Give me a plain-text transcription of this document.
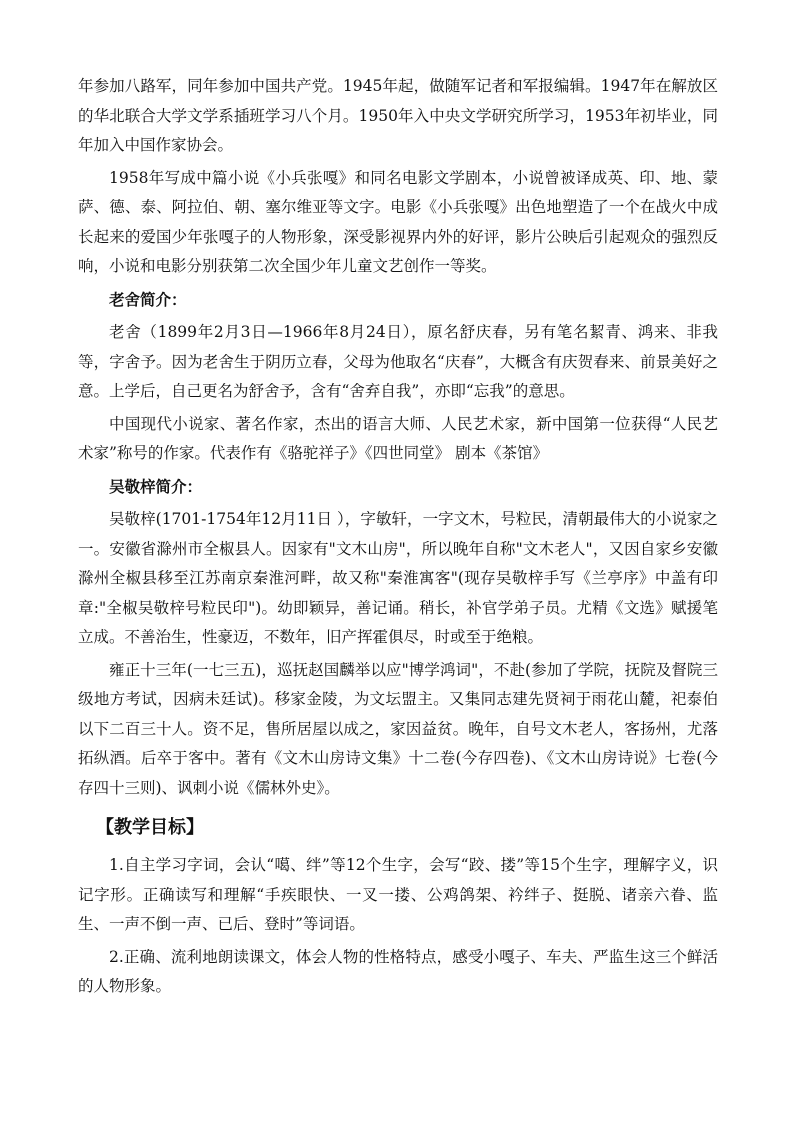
年参加八路军，同年参加中国共产党。1945年起，做随军记者和军报编辑。1947年在解放区的华北联合大学文学系插班学习八个月。1950年入中央文学研究所学习，1953年初毕业，同年加入中国作家协会。

1958年写成中篇小说《小兵张嘎》和同名电影文学剧本，小说曾被译成英、印、地、蒙萨、德、泰、阿拉伯、朝、塞尔维亚等文字。电影《小兵张嘎》出色地塑造了一个在战火中成长起来的爱国少年张嘎子的人物形象，深受影视界内外的好评，影片公映后引起观众的强烈反响，小说和电影分别获第二次全国少年儿童文艺创作一等奖。

老舍简介：

老舍（1899年2月3日—1966年8月24日），原名舒庆春，另有笔名絜青、鸿来、非我等，字舍予。因为老舍生于阴历立春，父母为他取名“庆春”，大概含有庆贺春来、前景美好之意。上学后，自己更名为舒舍予，含有“舍弃自我”，亦即“忘我”的意思。

中国现代小说家、著名作家，杰出的语言大师、人民艺术家，新中国第一位获得“人民艺术家”称号的作家。代表作有《骆驼祥子》《四世同堂》 剧本《茶馆》

吴敬梓简介：

吴敬梓(1701-1754年12月11日 ），字敏轩，一字文木，号粒民，清朝最伟大的小说家之一。安徽省滁州市全椒县人。因家有"文木山房"，所以晚年自称"文木老人"，又因自家乡安徽滁州全椒县移至江苏南京秦淮河畔，故又称"秦淮寓客"(现存吴敬梓手写《兰亭序》中盖有印章:"全椒吴敬梓号粒民印")。幼即颖异，善记诵。稍长，补官学弟子员。尤精《文选》赋援笔立成。不善治生，性豪迈，不数年，旧产挥霍俱尽，时或至于绝粮。

雍正十三年(一七三五)，巡抚赵国麟举以应"博学鸿词"，不赴(参加了学院，抚院及督院三级地方考试，因病未廷试)。移家金陵，为文坛盟主。又集同志建先贤祠于雨花山麓，祀泰伯以下二百三十人。资不足，售所居屋以成之，家因益贫。晚年，自号文木老人，客扬州，尤落拓纵酒。后卒于客中。著有《文木山房诗文集》十二卷(今存四卷)、《文木山房诗说》七卷(今存四十三则)、讽刺小说《儒林外史》。

【教学目标】

1.自主学习字词，会认“噶、绊”等12个生字，会写“跤、搂”等15个生字，理解字义，识记字形。正确读写和理解“手疾眼快、一叉一搂、公鸡鸽架、衿绊子、挺脱、诸亲六眷、监生、一声不倒一声、已后、登时”等词语。

2.正确、流利地朗读课文，体会人物的性格特点，感受小嘎子、车夫、严监生这三个鲜活的人物形象。
